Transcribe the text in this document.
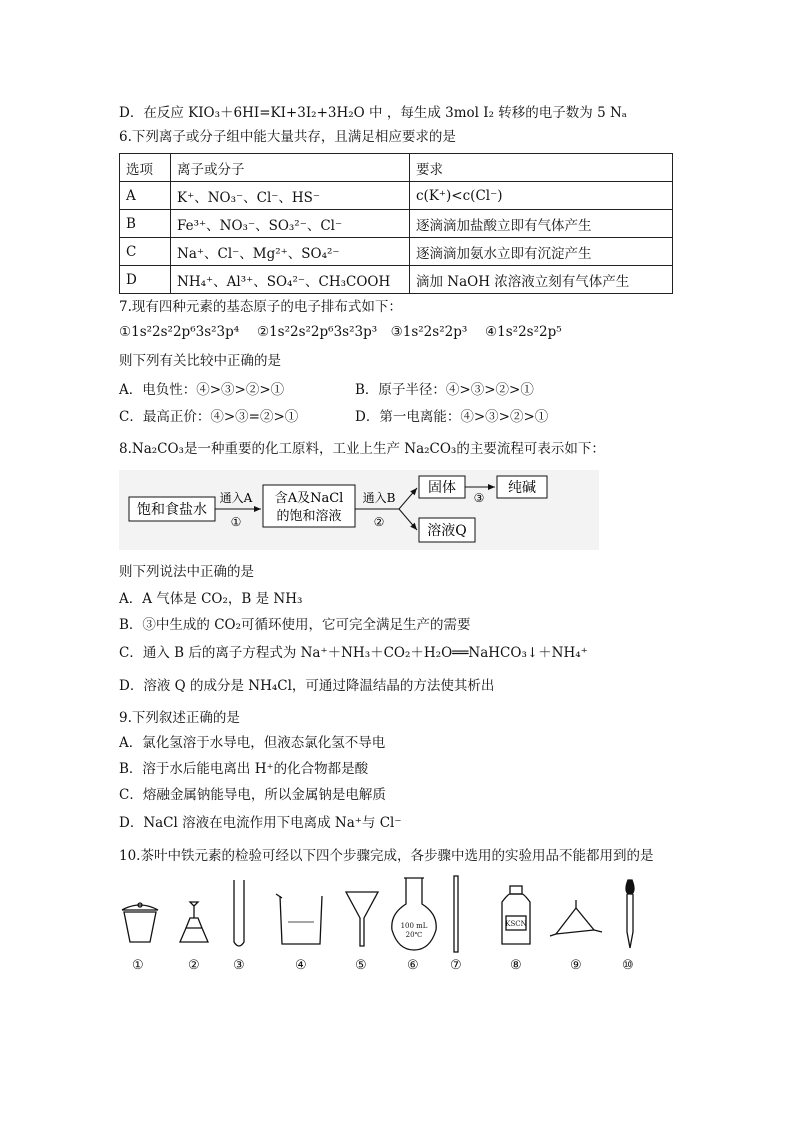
D．在反应 KIO₃＋6HI=KI+3I₂+3H₂O 中 ，每生成 3mol I₂ 转移的电子数为 5 Nₐ
6.下列离子或分子组中能大量共存，且满足相应要求的是
选项	离子或分子	要求
A	K⁺、NO₃⁻、Cl⁻、HS⁻	c(K⁺)<c(Cl⁻)
B	Fe³⁺、NO₃⁻、SO₃²⁻、Cl⁻	逐滴滴加盐酸立即有气体产生
C	Na⁺、Cl⁻、Mg²⁺、SO₄²⁻	逐滴滴加氨水立即有沉淀产生
D	NH₄⁺、Al³⁺、SO₄²⁻、CH₃COOH	滴加 NaOH 浓溶液立刻有气体产生
7.现有四种元素的基态原子的电子排布式如下：
①1s²2s²2p⁶3s²3p⁴　 ②1s²2s²2p⁶3s²3p³　③1s²2s²2p³　 ④1s²2s²2p⁵
则下列有关比较中正确的是
A．电负性：④>③>②>①	B．原子半径：④>③>②>①
C．最高正价：④>③=②>①	D．第一电离能：④>③>②>①
8.Na₂CO₃是一种重要的化工原料，工业上生产 Na₂CO₃的主要流程可表示如下：
饱和食盐水
通入A
①
含A及NaCl
的饱和溶液
通入B
②
固体
③
纯碱
溶液Q
则下列说法中正确的是
A．A 气体是 CO₂，B 是 NH₃
B．③中生成的 CO₂可循环使用，它可完全满足生产的需要
C．通入 B 后的离子方程式为 Na⁺＋NH₃＋CO₂＋H₂O══NaHCO₃↓＋NH₄⁺
D．溶液 Q 的成分是 NH₄Cl，可通过降温结晶的方法使其析出
9.下列叙述正确的是
A．氯化氢溶于水导电，但液态氯化氢不导电
B．溶于水后能电离出 H⁺的化合物都是酸
C．熔融金属钠能导电，所以金属钠是电解质
D．NaCl 溶液在电流作用下电离成 Na⁺与 Cl⁻
10.茶叶中铁元素的检验可经以下四个步骤完成，各步骤中选用的实验用品不能都用到的是
100 mL
20℃
KSCN
①	②	③	④	⑤	⑥ ⑦	⑧	⑨	⑩
